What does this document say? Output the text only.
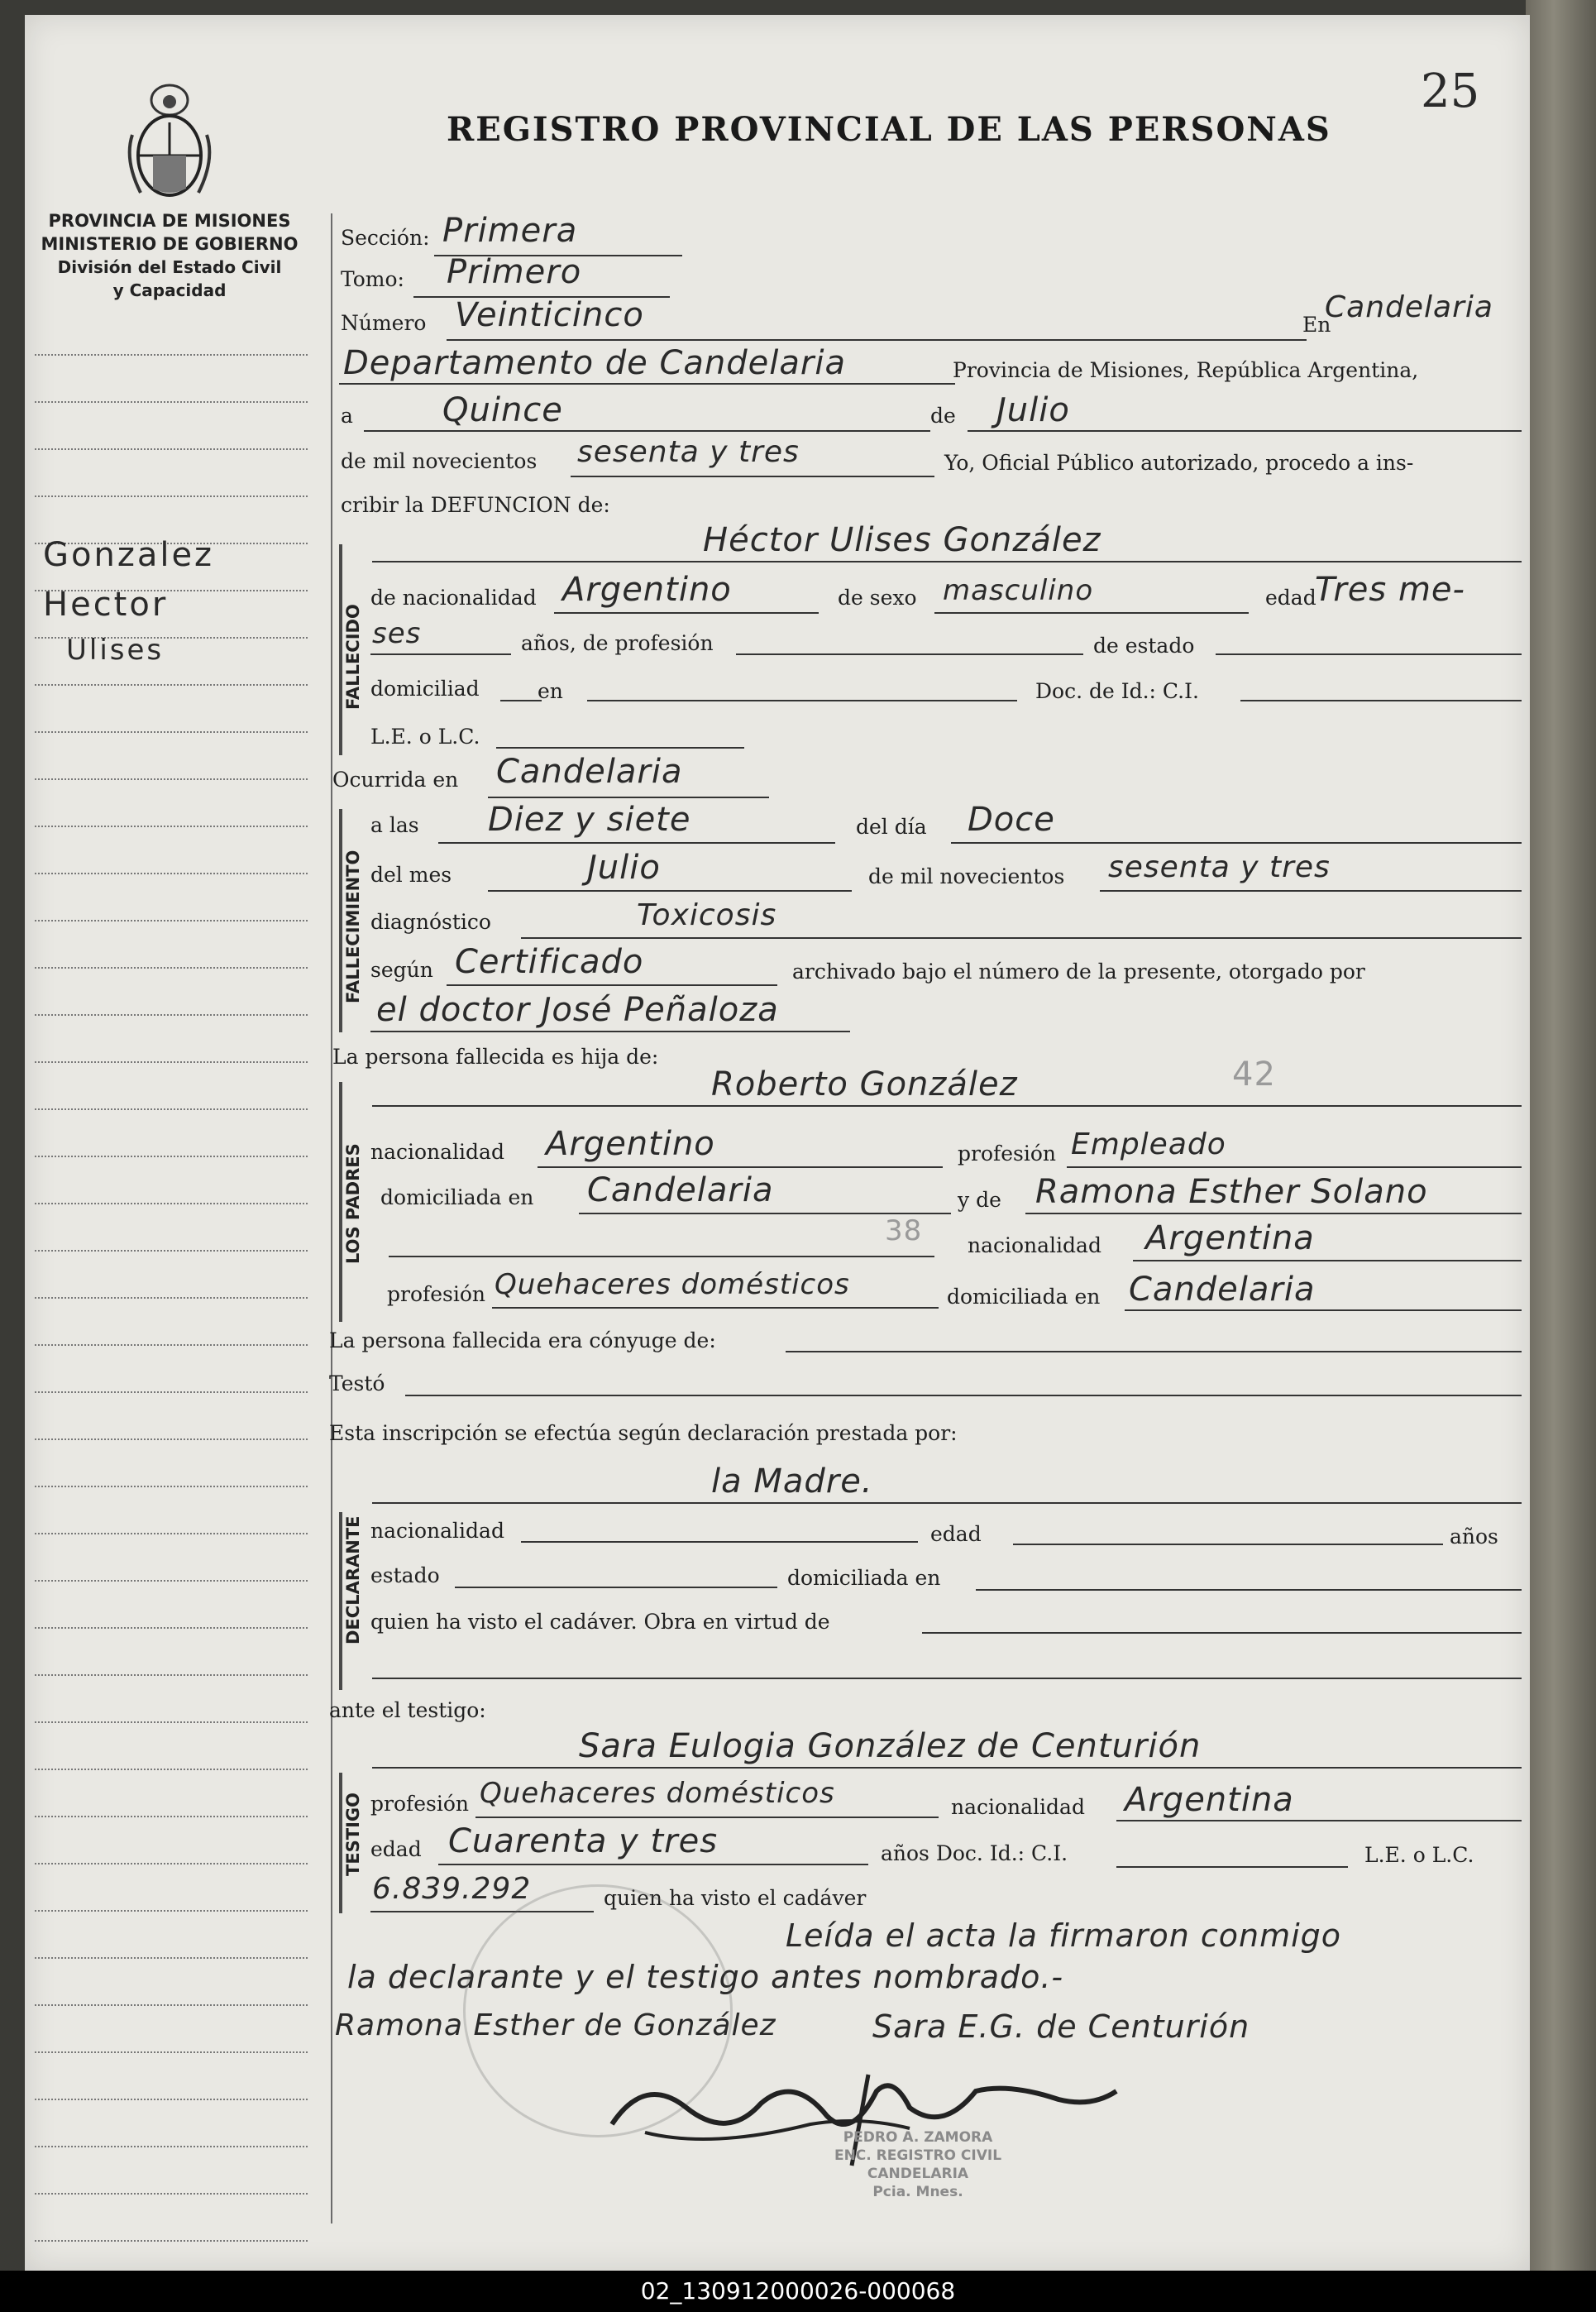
PROVINCIA DE MISIONES
MINISTERIO DE GOBIERNO
División del Estado Civil
y Capacidad
25
REGISTRO PROVINCIAL DE LAS PERSONAS
Gonzalez
Hector
Ulises
Sección: Primera
Tomo: Primero
Número Veinticinco	En
Candelaria
Departamento de Candelaria	Provincia de Misiones, República Argentina,
a	Quince	de Julio
de mil novecientos sesenta y tres	Yo, Oficial Público autorizado, procedo a ins-
cribir la DEFUNCION de:
FALLECIDO
Héctor Ulises González
de nacionalidad Argentino	de sexo masculino	edad
Tres me-
ses	años, de profesión	de estado
domiciliad	en	Doc. de Id.: C.I.
L.E. o L.C.
Ocurrida en Candelaria
FALLECIMIENTO
a las Diez y siete	del día Doce
del mes	Julio	de mil novecientos sesenta y tres
diagnóstico	Toxicosis
según Certificado	archivado bajo el número de la presente, otorgado por
el doctor José Peñaloza
La persona fallecida es hija de:
LOS PADRES
Roberto González	42
nacionalidad Argentino	profesión Empleado
domiciliada en Candelaria	y de Ramona Esther Solano
38 nacionalidad Argentina
profesión Quehaceres domésticos	domiciliada en Candelaria
La persona fallecida era cónyuge de:
Testó
Esta inscripción se efectúa según declaración prestada por:
la Madre.
DECLARANTE nacionalidad	edad	años
estado	domiciliada en
quien ha visto el cadáver. Obra en virtud de
ante el testigo:
Sara Eulogia González de Centurión
TESTIGO profesión Quehaceres domésticos	nacionalidad Argentina
edad Cuarenta y tres	años Doc. Id.: C.I.	L.E. o L.C.
6.839.292	quien ha visto el cadáver
Leída el acta la firmaron conmigo
la declarante y el testigo antes nombrado.-
Ramona Esther de González	Sara E.G. de Centurión
PEDRO A. ZAMORA
ENC. REGISTRO CIVIL
CANDELARIA
Pcia. Mnes.
02_130912000026-000068
